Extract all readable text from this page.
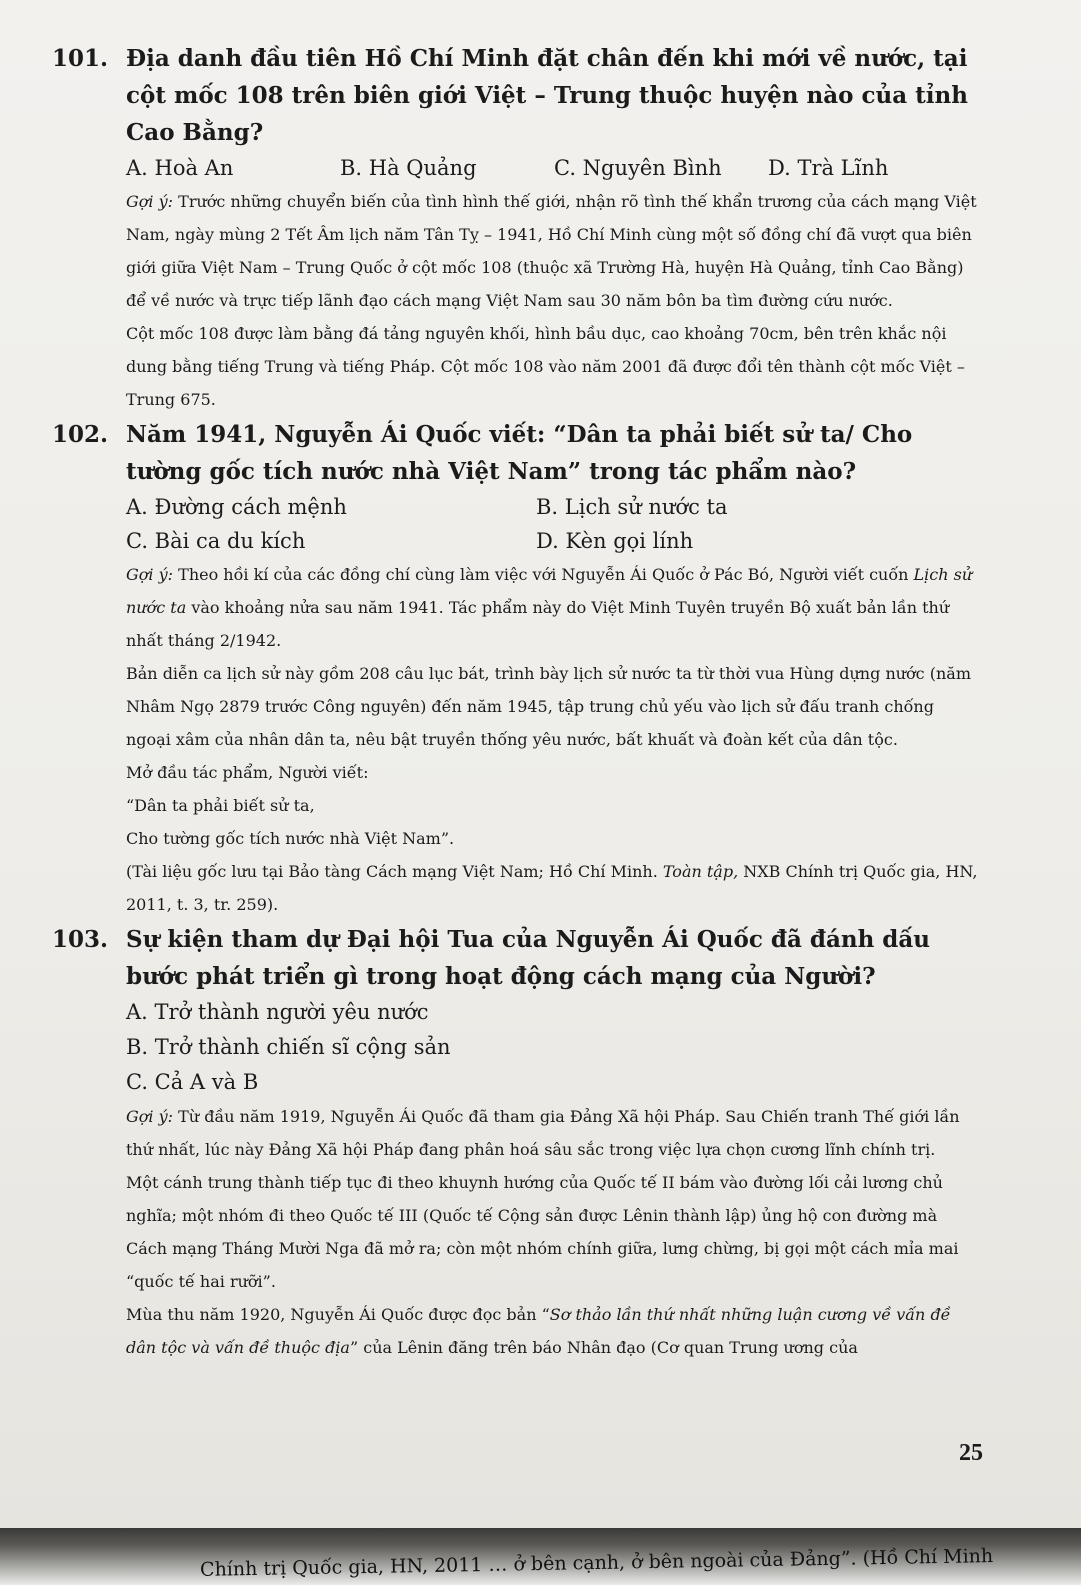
101. Địa danh đầu tiên Hồ Chí Minh đặt chân đến khi mới về nước, tại cột mốc 108 trên biên giới Việt – Trung thuộc huyện nào của tỉnh Cao Bằng?
A. Hoà An	B. Hà Quảng	C. Nguyên Bình	D. Trà Lĩnh

Gợi ý: Trước những chuyển biến của tình hình thế giới, nhận rõ tình thế khẩn trương của cách mạng Việt Nam, ngày mùng 2 Tết Âm lịch năm Tân Tỵ – 1941, Hồ Chí Minh cùng một số đồng chí đã vượt qua biên giới giữa Việt Nam – Trung Quốc ở cột mốc 108 (thuộc xã Trường Hà, huyện Hà Quảng, tỉnh Cao Bằng) để về nước và trực tiếp lãnh đạo cách mạng Việt Nam sau 30 năm bôn ba tìm đường cứu nước.

Cột mốc 108 được làm bằng đá tảng nguyên khối, hình bầu dục, cao khoảng 70cm, bên trên khắc nội dung bằng tiếng Trung và tiếng Pháp. Cột mốc 108 vào năm 2001 đã được đổi tên thành cột mốc Việt – Trung 675.

102. Năm 1941, Nguyễn Ái Quốc viết: “Dân ta phải biết sử ta/ Cho tường gốc tích nước nhà Việt Nam” trong tác phẩm nào?
A. Đường cách mệnh	B. Lịch sử nước ta
C. Bài ca du kích	D. Kèn gọi lính

Gợi ý: Theo hồi kí của các đồng chí cùng làm việc với Nguyễn Ái Quốc ở Pác Bó, Người viết cuốn Lịch sử nước ta vào khoảng nửa sau năm 1941. Tác phẩm này do Việt Minh Tuyên truyền Bộ xuất bản lần thứ nhất tháng 2/1942.

Bản diễn ca lịch sử này gồm 208 câu lục bát, trình bày lịch sử nước ta từ thời vua Hùng dựng nước (năm Nhâm Ngọ 2879 trước Công nguyên) đến năm 1945, tập trung chủ yếu vào lịch sử đấu tranh chống ngoại xâm của nhân dân ta, nêu bật truyền thống yêu nước, bất khuất và đoàn kết của dân tộc.

Mở đầu tác phẩm, Người viết:

“Dân ta phải biết sử ta,

Cho tường gốc tích nước nhà Việt Nam”.

(Tài liệu gốc lưu tại Bảo tàng Cách mạng Việt Nam; Hồ Chí Minh. Toàn tập, NXB Chính trị Quốc gia, HN, 2011, t. 3, tr. 259).

103. Sự kiện tham dự Đại hội Tua của Nguyễn Ái Quốc đã đánh dấu bước phát triển gì trong hoạt động cách mạng của Người?
A. Trở thành người yêu nước
B. Trở thành chiến sĩ cộng sản
C. Cả A và B

Gợi ý: Từ đầu năm 1919, Nguyễn Ái Quốc đã tham gia Đảng Xã hội Pháp. Sau Chiến tranh Thế giới lần thứ nhất, lúc này Đảng Xã hội Pháp đang phân hoá sâu sắc trong việc lựa chọn cương lĩnh chính trị.

Một cánh trung thành tiếp tục đi theo khuynh hướng của Quốc tế II bám vào đường lối cải lương chủ nghĩa; một nhóm đi theo Quốc tế III (Quốc tế Cộng sản được Lênin thành lập) ủng hộ con đường mà Cách mạng Tháng Mười Nga đã mở ra; còn một nhóm chính giữa, lưng chừng, bị gọi một cách mỉa mai “quốc tế hai rưỡi”.

Mùa thu năm 1920, Nguyễn Ái Quốc được đọc bản “Sơ thảo lần thứ nhất những luận cương về vấn đề dân tộc và vấn đề thuộc địa” của Lênin đăng trên báo Nhân đạo (Cơ quan Trung ương của

25
Chính trị Quốc gia, HN, 2011 … ở bên cạnh, ở bên ngoài của Đảng”. (Hồ Chí Minh
